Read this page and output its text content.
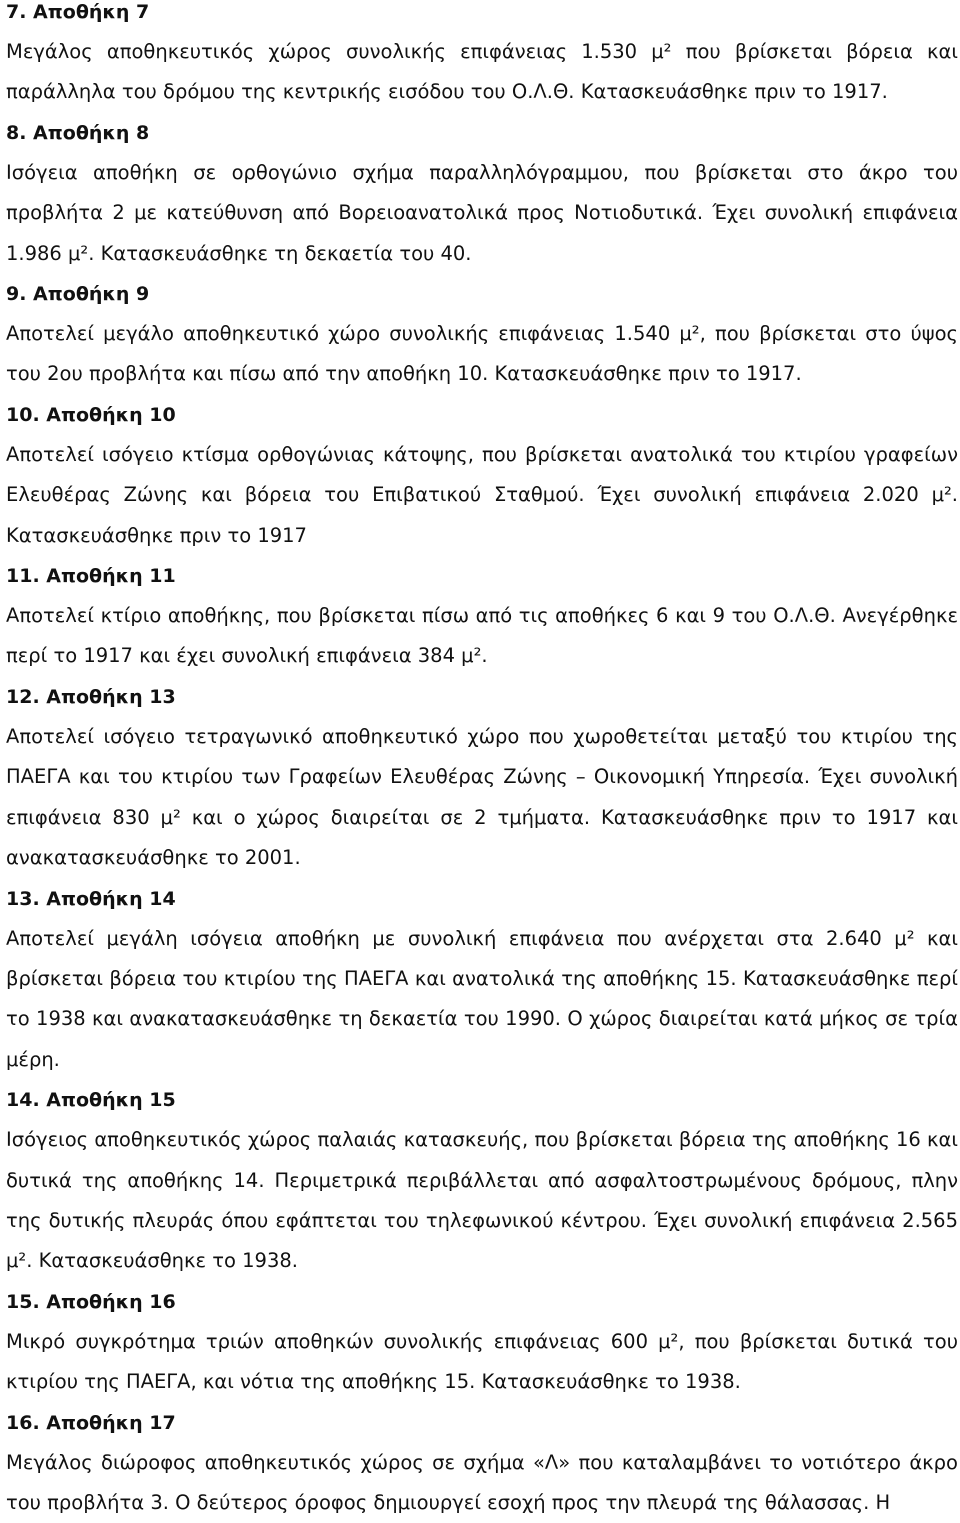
7. Αποθήκη 7

Μεγάλος αποθηκευτικός χώρος συνολικής επιφάνειας 1.530 μ² που βρίσκεται βόρεια και παράλληλα του δρόμου της κεντρικής εισόδου του Ο.Λ.Θ. Κατασκευάσθηκε πριν το 1917.

8. Αποθήκη 8

Ισόγεια αποθήκη σε ορθογώνιο σχήμα παραλληλόγραμμου, που βρίσκεται στο άκρο του προβλήτα 2 με κατεύθυνση από Βορειοανατολικά προς Νοτιοδυτικά. Έχει συνολική επιφάνεια 1.986 μ². Κατασκευάσθηκε τη δεκαετία του 40.

9. Αποθήκη 9

Αποτελεί μεγάλο αποθηκευτικό χώρο συνολικής επιφάνειας 1.540 μ², που βρίσκεται στο ύψος του 2ου προβλήτα και πίσω από την αποθήκη 10. Κατασκευάσθηκε πριν το 1917.

10. Αποθήκη 10

Αποτελεί ισόγειο κτίσμα ορθογώνιας κάτοψης, που βρίσκεται ανατολικά του κτιρίου γραφείων Ελευθέρας Ζώνης και βόρεια του Επιβατικού Σταθμού. Έχει συνολική επιφάνεια 2.020 μ². Κατασκευάσθηκε πριν το 1917

11. Αποθήκη 11

Αποτελεί κτίριο αποθήκης, που βρίσκεται πίσω από τις αποθήκες 6 και 9 του Ο.Λ.Θ. Ανεγέρθηκε περί το 1917 και έχει συνολική επιφάνεια 384 μ².

12. Αποθήκη 13

Αποτελεί ισόγειο τετραγωνικό αποθηκευτικό χώρο που χωροθετείται μεταξύ του κτιρίου της ΠΑΕΓΑ και του κτιρίου των Γραφείων Ελευθέρας Ζώνης – Οικονομική Υπηρεσία. Έχει συνολική επιφάνεια 830 μ² και ο χώρος διαιρείται σε 2 τμήματα. Κατασκευάσθηκε πριν το 1917 και ανακατασκευάσθηκε το 2001.

13. Αποθήκη 14

Αποτελεί μεγάλη ισόγεια αποθήκη με συνολική επιφάνεια που ανέρχεται στα 2.640 μ² και βρίσκεται βόρεια του κτιρίου της ΠΑΕΓΑ και ανατολικά της αποθήκης 15. Κατασκευάσθηκε περί το 1938 και ανακατασκευάσθηκε τη δεκαετία του 1990. Ο χώρος διαιρείται κατά μήκος σε τρία μέρη.

14. Αποθήκη 15

Ισόγειος αποθηκευτικός χώρος παλαιάς κατασκευής, που βρίσκεται βόρεια της αποθήκης 16 και δυτικά της αποθήκης 14. Περιμετρικά περιβάλλεται από ασφαλτοστρωμένους δρόμους, πλην της δυτικής πλευράς όπου εφάπτεται του τηλεφωνικού κέντρου. Έχει συνολική επιφάνεια 2.565 μ². Κατασκευάσθηκε το 1938.

15. Αποθήκη 16

Μικρό συγκρότημα τριών αποθηκών συνολικής επιφάνειας 600 μ², που βρίσκεται δυτικά του κτιρίου της ΠΑΕΓΑ, και νότια της αποθήκης 15. Κατασκευάσθηκε το 1938.

16. Αποθήκη 17

Μεγάλος διώροφος αποθηκευτικός χώρος σε σχήμα «Λ» που καταλαμβάνει το νοτιότερο άκρο του προβλήτα 3. Ο δεύτερος όροφος δημιουργεί εσοχή προς την πλευρά της θάλασσας. Η
